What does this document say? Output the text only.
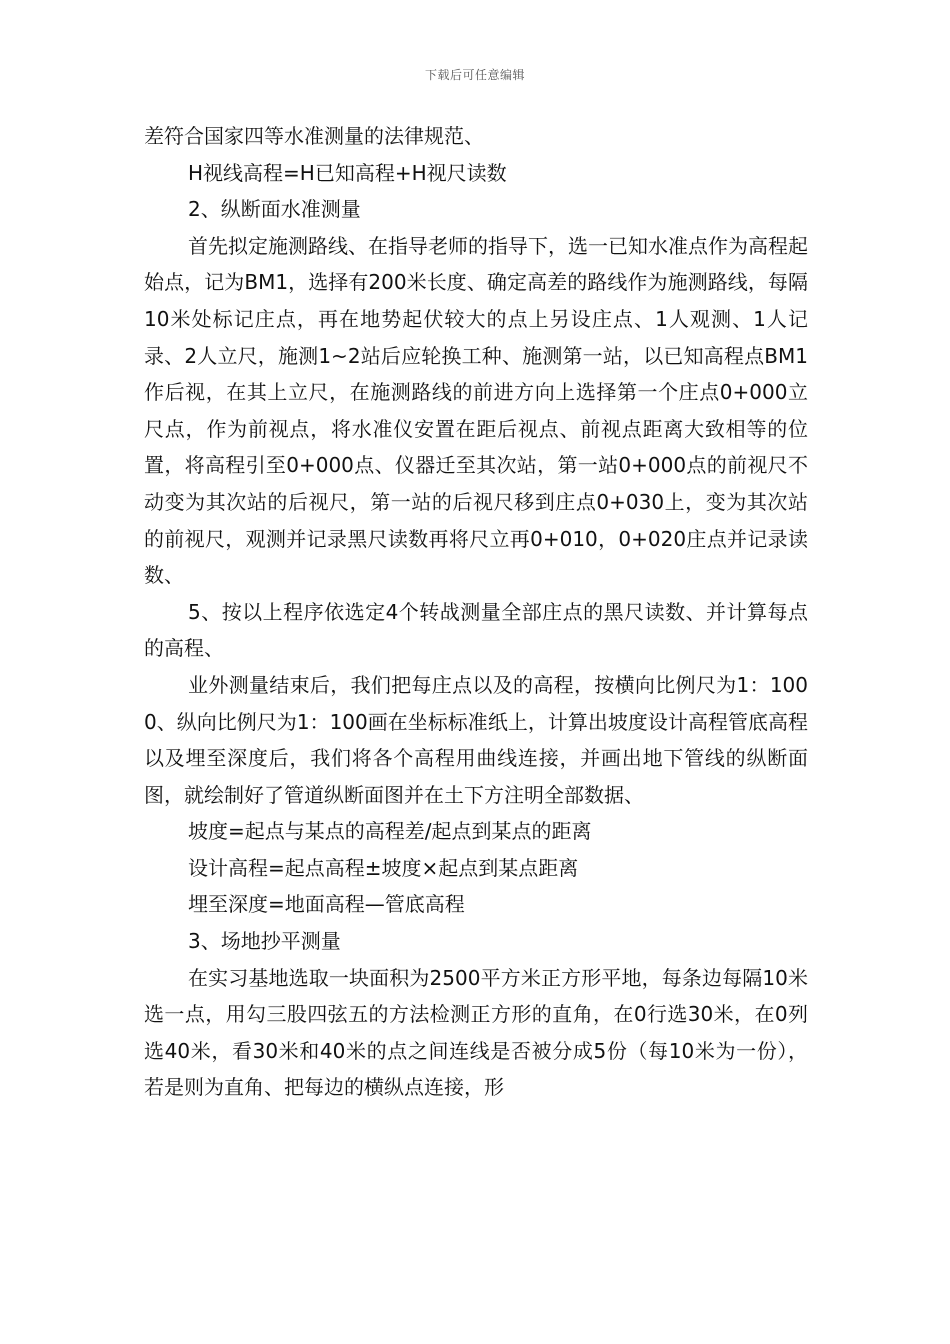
下载后可任意编辑

差符合国家四等水准测量的法律规范、

H视线高程=H已知高程+H视尺读数

2、纵断面水准测量

首先拟定施测路线、在指导老师的指导下，选一已知水准点作为高程起始点，记为BM1，选择有200米长度、确定高差的路线作为施测路线，每隔10米处标记庄点，再在地势起伏较大的点上另设庄点、1人观测、1人记录、2人立尺，施测1~2站后应轮换工种、施测第一站，以已知高程点BM1作后视，在其上立尺，在施测路线的前进方向上选择第一个庄点0+000立尺点，作为前视点，将水准仪安置在距后视点、前视点距离大致相等的位置，将高程引至0+000点、仪器迁至其次站，第一站0+000点的前视尺不动变为其次站的后视尺，第一站的后视尺移到庄点0+030上，变为其次站的前视尺，观测并记录黑尺读数再将尺立再0+010，0+020庄点并记录读数、

5、按以上程序依选定4个转战测量全部庄点的黑尺读数、并计算每点的高程、

业外测量结束后，我们把每庄点以及的高程，按横向比例尺为1：1000、纵向比例尺为1：100画在坐标标准纸上，计算出坡度设计高程管底高程以及埋至深度后，我们将各个高程用曲线连接，并画出地下管线的纵断面图，就绘制好了管道纵断面图并在土下方注明全部数据、

坡度=起点与某点的高程差/起点到某点的距离

设计高程=起点高程±坡度×起点到某点距离

埋至深度=地面高程—管底高程

3、场地抄平测量

在实习基地选取一块面积为2500平方米正方形平地，每条边每隔10米选一点，用勾三股四弦五的方法检测正方形的直角，在0行选30米，在0列选40米，看30米和40米的点之间连线是否被分成5份（每10米为一份），若是则为直角、把每边的横纵点连接，形
